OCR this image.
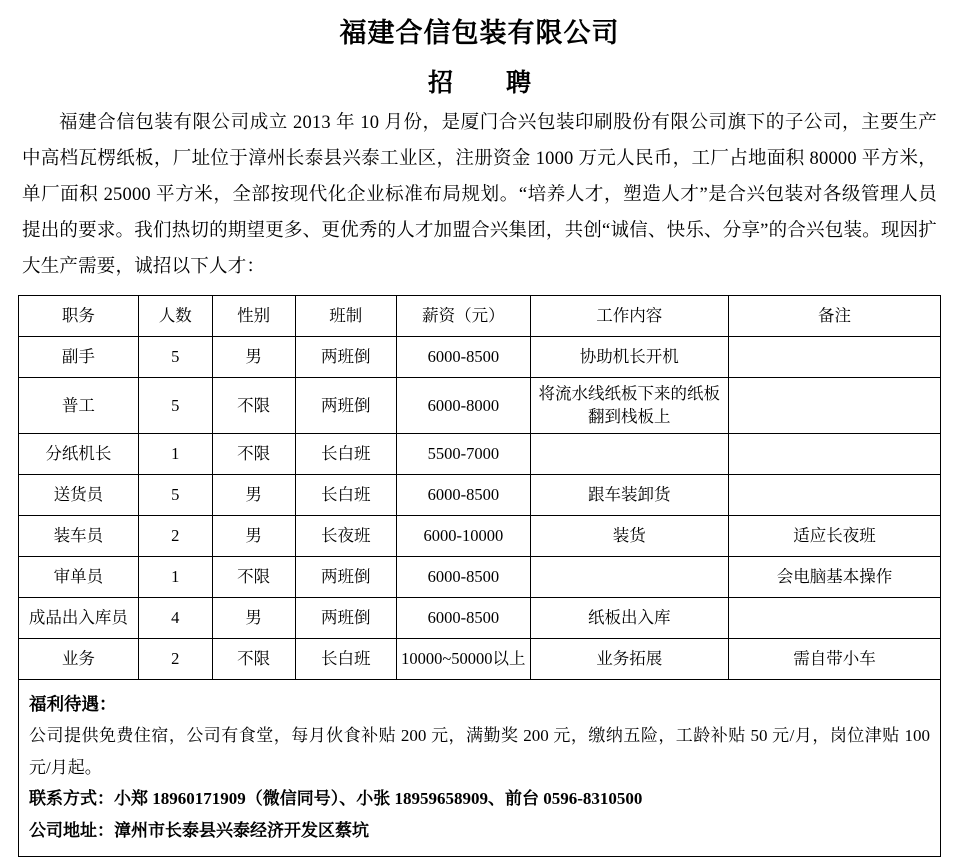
福建合信包装有限公司
招　聘

福建合信包装有限公司成立 2013 年 10 月份，是厦门合兴包装印刷股份有限公司旗下的子公司，主要生产中高档瓦楞纸板，厂址位于漳州长泰县兴泰工业区，注册资金 1000 万元人民币，工厂占地面积 80000 平方米，单厂面积 25000 平方米，全部按现代化企业标准布局规划。“培养人才，塑造人才”是合兴包装对各级管理人员提出的要求。我们热切的期望更多、更优秀的人才加盟合兴集团，共创“诚信、快乐、分享”的合兴包装。现因扩大生产需要，诚招以下人才：

职务	人数	性别	班制	薪资（元）	工作内容	备注
副手	5	男	两班倒	6000-8500	协助机长开机	
普工	5	不限	两班倒	6000-8000	将流水线纸板下来的纸板翻到栈板上	
分纸机长	1	不限	长白班	5500-7000		
送货员	5	男	长白班	6000-8500	跟车装卸货	
装车员	2	男	长夜班	6000-10000	装货	适应长夜班
审单员	1	不限	两班倒	6000-8500		会电脑基本操作
成品出入库员	4	男	两班倒	6000-8500	纸板出入库	
业务	2	不限	长白班	10000~50000以上	业务拓展	需自带小车
福利待遇：
公司提供免费住宿，公司有食堂，每月伙食补贴 200 元，满勤奖 200 元，缴纳五险，工龄补贴 50 元/月，岗位津贴 100 元/月起。
联系方式：小郑 18960171909（微信同号）、小张 18959658909、前台 0596-8310500
公司地址：漳州市长泰县兴泰经济开发区蔡坑
